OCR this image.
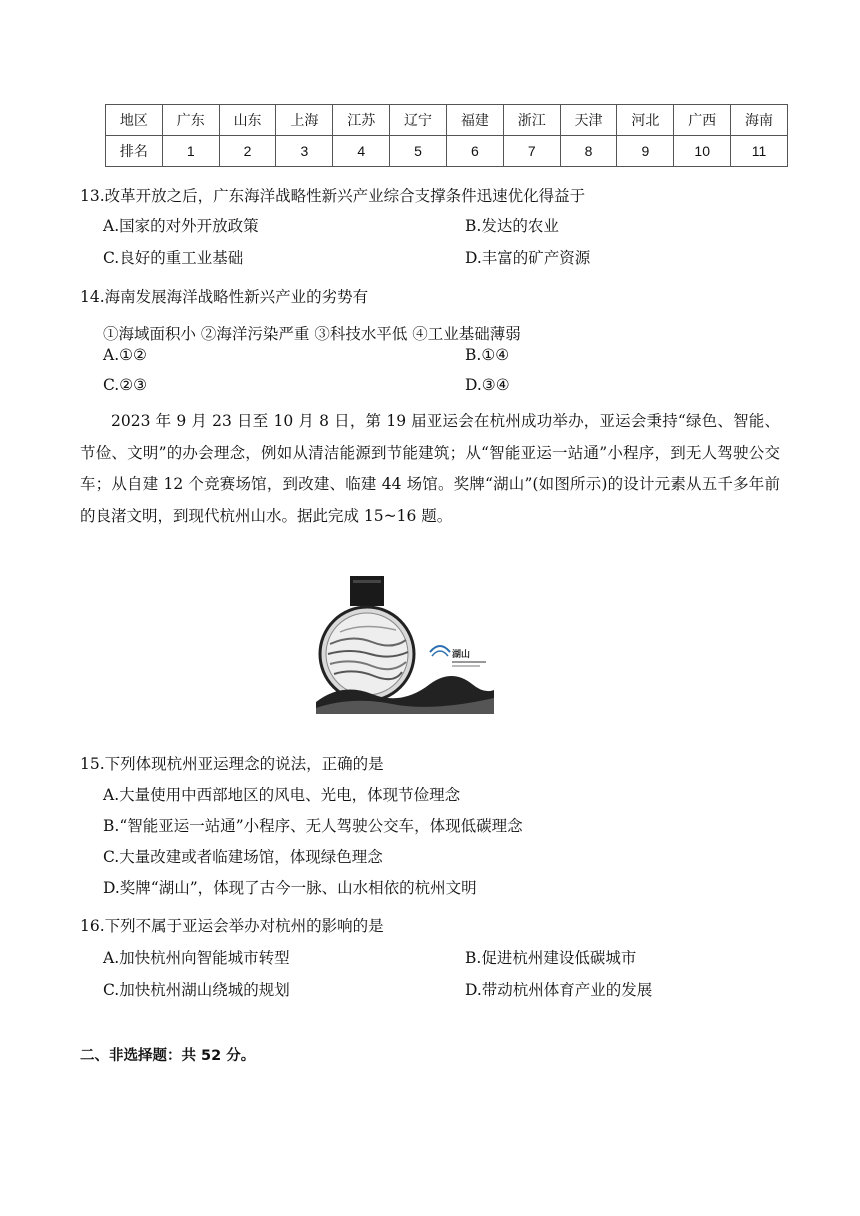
地区	广东	山东	上海	江苏	辽宁	福建	浙江	天津	河北	广西	海南
排名	1	2	3	4	5	6	7	8	9	10	11
13.改革开放之后，广东海洋战略性新兴产业综合支撑条件迅速优化得益于
A.国家的对外开放政策	B.发达的农业
C.良好的重工业基础	D.丰富的矿产资源
14.海南发展海洋战略性新兴产业的劣势有
①海域面积小 ②海洋污染严重 ③科技水平低 ④工业基础薄弱
A.①②	B.①④
C.②③	D.③④
2023 年 9 月 23 日至 10 月 8 日，第 19 届亚运会在杭州成功举办，亚运会秉持“绿色、智能、节俭、文明”的办会理念，例如从清洁能源到节能建筑；从“智能亚运一站通”小程序，到无人驾驶公交车；从自建 12 个竞赛场馆，到改建、临建 44 场馆。奖牌“湖山”(如图所示)的设计元素从五千多年前的良渚文明，到现代杭州山水。据此完成 15~16 题。
湖山
15.下列体现杭州亚运理念的说法，正确的是
A.大量使用中西部地区的风电、光电，体现节俭理念
B.“智能亚运一站通”小程序、无人驾驶公交车，体现低碳理念
C.大量改建或者临建场馆，体现绿色理念
D.奖牌“湖山”，体现了古今一脉、山水相依的杭州文明
16.下列不属于亚运会举办对杭州的影响的是
A.加快杭州向智能城市转型	B.促进杭州建设低碳城市
C.加快杭州湖山绕城的规划	D.带动杭州体育产业的发展
二、非选择题：共 52 分。
